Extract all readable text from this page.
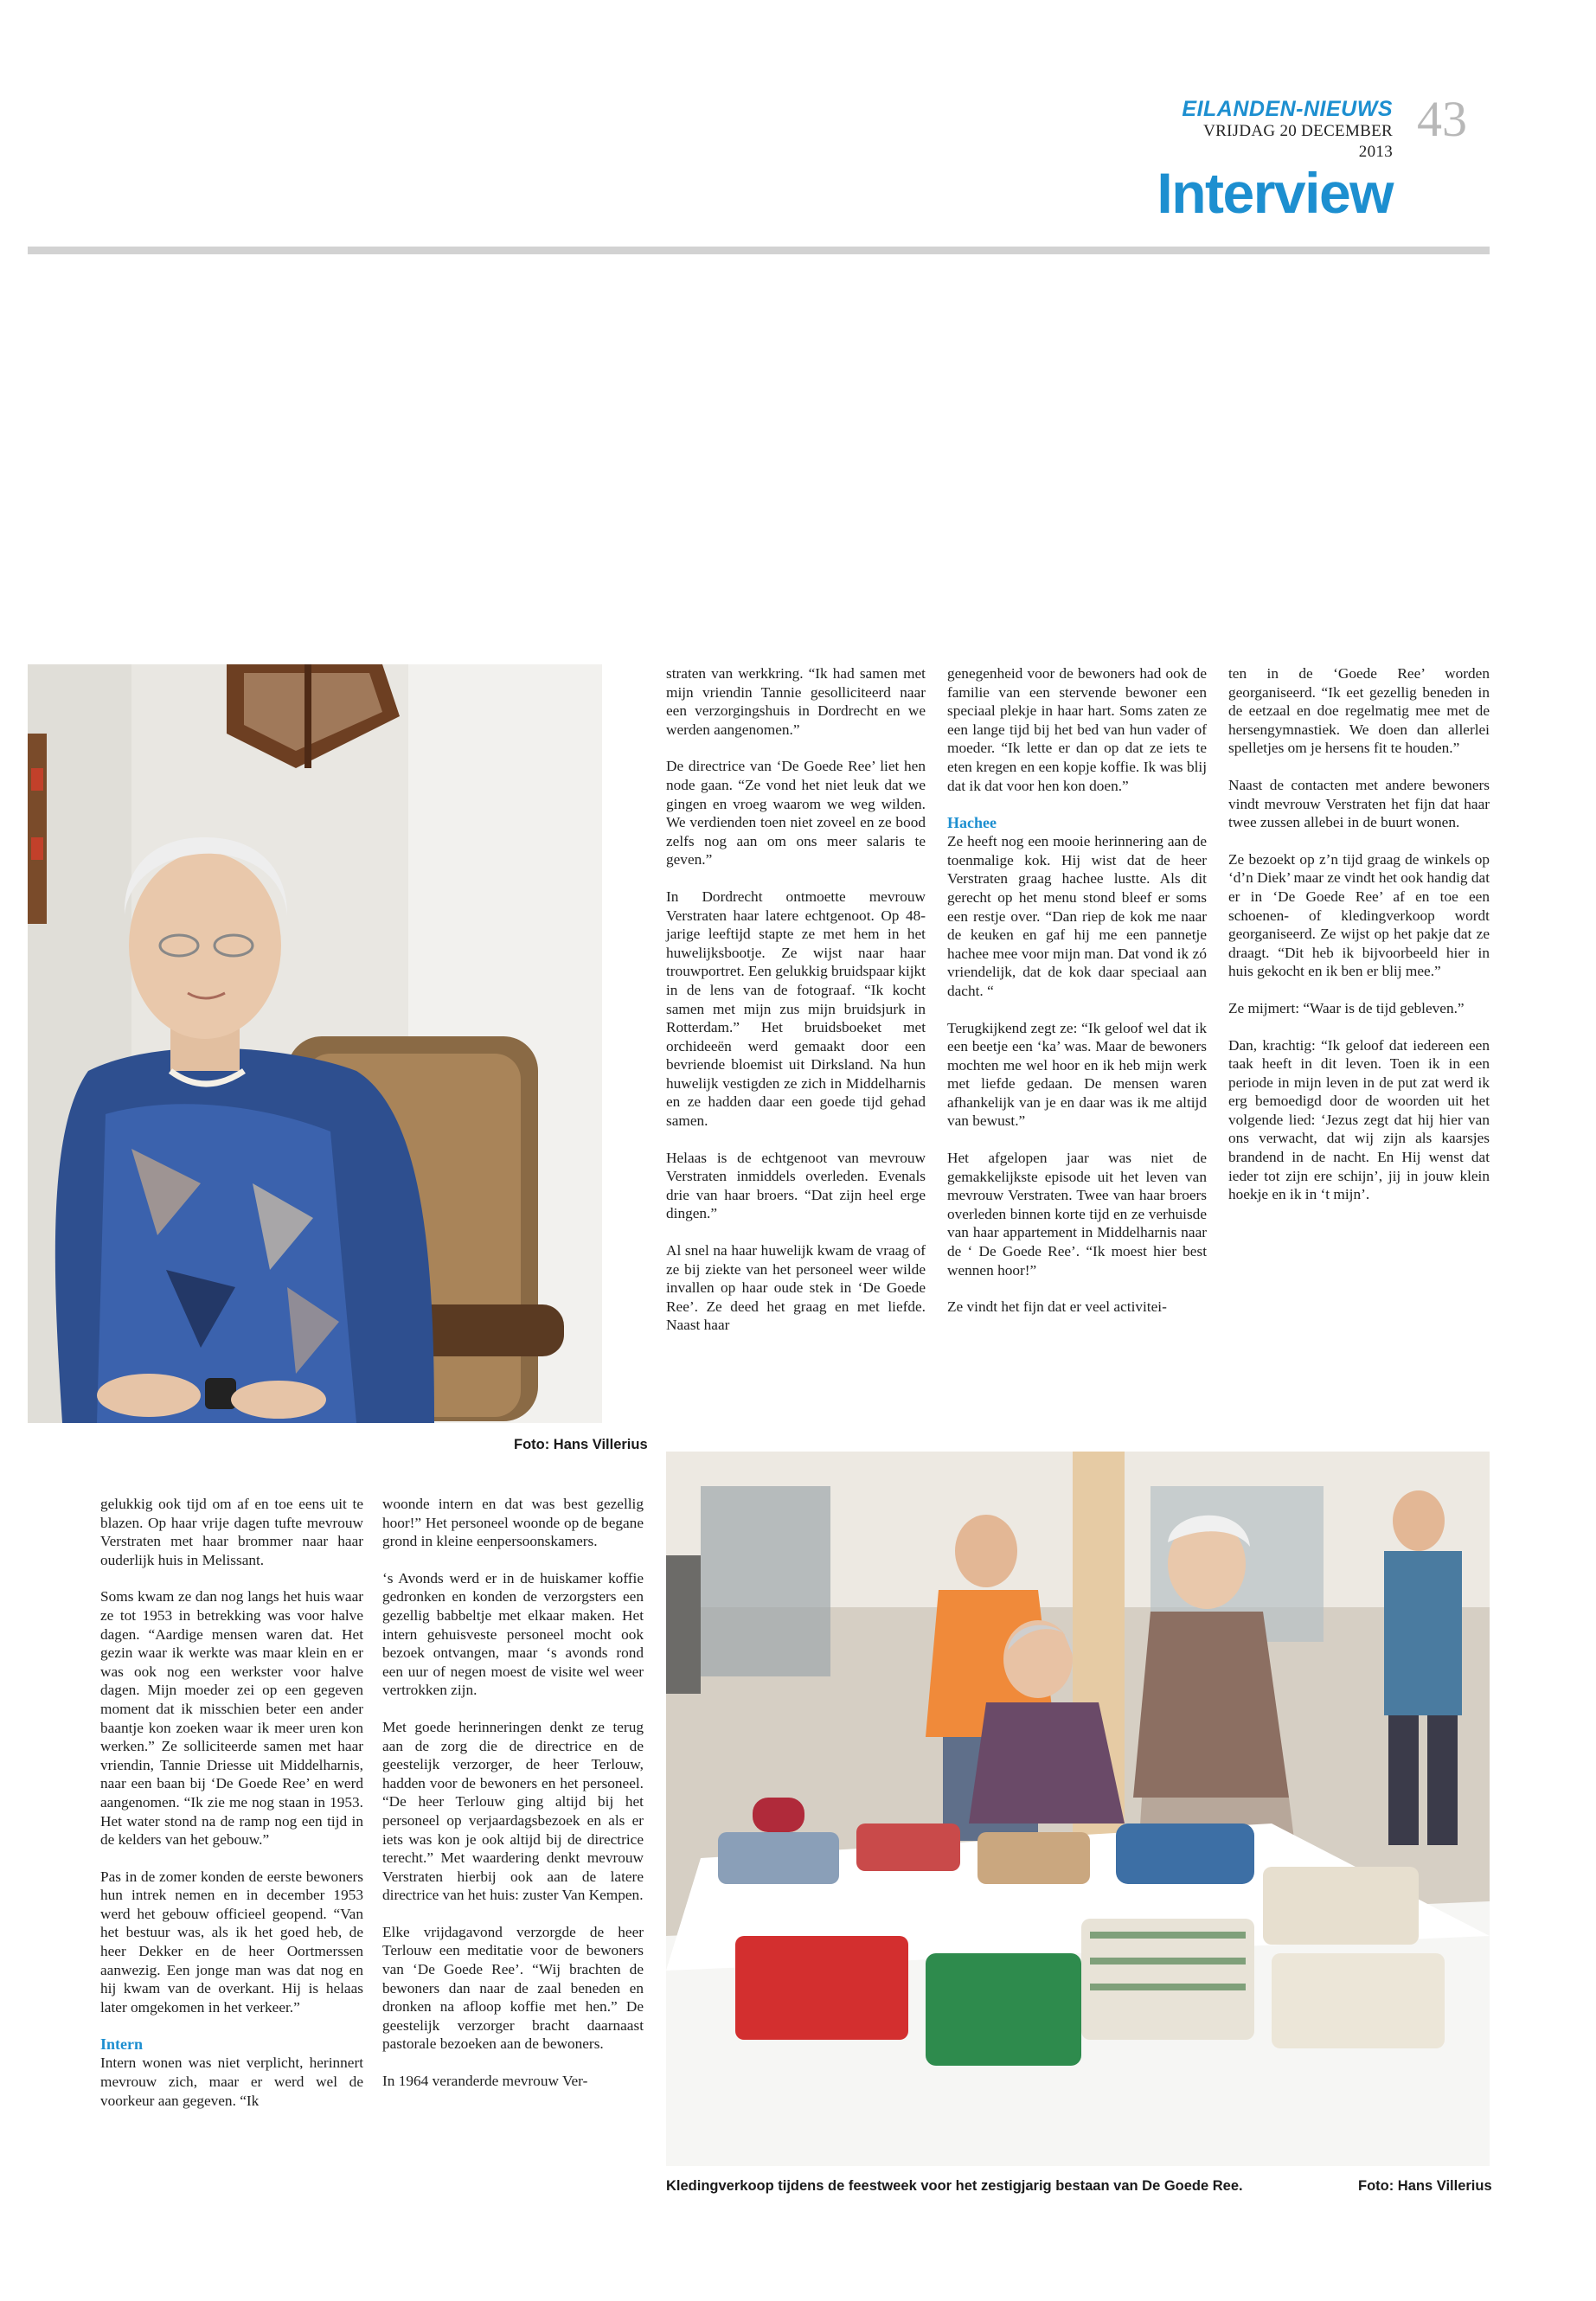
EILANDEN-NIEUWS
VRIJDAG 20 DECEMBER 2013
43
Interview
Foto: Hans Villerius
Kledingverkoop tijdens de feestweek voor het zestigjarig bestaan van De Goede Ree.	Foto: Hans Villerius

straten van werkkring. “Ik had samen met mijn vriendin Tannie gesolliciteerd naar een verzorgingshuis in Dordrecht en we werden aangenomen.”

De directrice van ‘De Goede Ree’ liet hen node gaan. “Ze vond het niet leuk dat we gingen en vroeg waarom we weg wilden. We verdienden toen niet zoveel en ze bood zelfs nog aan om ons meer salaris te geven.”

In Dordrecht ontmoette mevrouw Verstraten haar latere echtgenoot. Op 48-jarige leeftijd stapte ze met hem in het huwelijksbootje. Ze wijst naar haar trouwportret. Een gelukkig bruidspaar kijkt in de lens van de fotograaf. “Ik kocht samen met mijn zus mijn bruidsjurk in Rotterdam.” Het bruidsboeket met orchideeën werd gemaakt door een bevriende bloemist uit Dirksland. Na hun huwelijk vestigden ze zich in Middelharnis en ze hadden daar een goede tijd gehad samen.

Helaas is de echtgenoot van mevrouw Verstraten inmiddels overleden. Evenals drie van haar broers. “Dat zijn heel erge dingen.”

Al snel na haar huwelijk kwam de vraag of ze bij ziekte van het personeel weer wilde invallen op haar oude stek in ‘De Goede Ree’. Ze deed het graag en met liefde. Naast haar

genegenheid voor de bewoners had ook de familie van een stervende bewoner een speciaal plekje in haar hart. Soms zaten ze een lange tijd bij het bed van hun vader of moeder. “Ik lette er dan op dat ze iets te eten kregen en een kopje koffie. Ik was blij dat ik dat voor hen kon doen.”

Hachee

Ze heeft nog een mooie herinnering aan de toenmalige kok. Hij wist dat de heer Verstraten graag hachee lustte. Als dit gerecht op het menu stond bleef er soms een restje over. “Dan riep de kok me naar de keuken en gaf hij me een pannetje hachee mee voor mijn man. Dat vond ik zó vriendelijk, dat de kok daar speciaal aan dacht. “

Terugkijkend zegt ze: “Ik geloof wel dat ik een beetje een ‘ka’ was. Maar de bewoners mochten me wel hoor en ik heb mijn werk met liefde gedaan. De mensen waren afhankelijk van je en daar was ik me altijd van bewust.”

Het afgelopen jaar was niet de gemakkelijkste episode uit het leven van mevrouw Verstraten. Twee van haar broers overleden binnen korte tijd en ze verhuisde van haar appartement in Middelharnis naar de ‘ De Goede Ree’. “Ik moest hier best wennen hoor!”

Ze vindt het fijn dat er veel activitei-

ten in de ‘Goede Ree’ worden georganiseerd. “Ik eet gezellig beneden in de eetzaal en doe regelmatig mee met de hersengymnastiek. We doen dan allerlei spelletjes om je hersens fit te houden.”

Naast de contacten met andere bewoners vindt mevrouw Verstraten het fijn dat haar twee zussen allebei in de buurt wonen.

Ze bezoekt op z’n tijd graag de winkels op ‘d’n Diek’ maar ze vindt het ook handig dat er in ‘De Goede Ree’ af en toe een schoenen- of kledingverkoop wordt georganiseerd. Ze wijst op het pakje dat ze draagt. “Dit heb ik bijvoorbeeld hier in huis gekocht en ik ben er blij mee.”

Ze mijmert: “Waar is de tijd gebleven.”

Dan, krachtig: “Ik geloof dat iedereen een taak heeft in dit leven. Toen ik in een periode in mijn leven in de put zat werd ik erg bemoedigd door de woorden uit het volgende lied: ‘Jezus zegt dat hij hier van ons verwacht, dat wij zijn als kaarsjes brandend in de nacht. En Hij wenst dat ieder tot zijn ere schijn’, jij in jouw klein hoekje en ik in ‘t mijn’.

gelukkig ook tijd om af en toe eens uit te blazen. Op haar vrije dagen tufte mevrouw Verstraten met haar brommer naar haar ouderlijk huis in Melissant.

Soms kwam ze dan nog langs het huis waar ze tot 1953 in betrekking was voor halve dagen. “Aardige mensen waren dat. Het gezin waar ik werkte was maar klein en er was ook nog een werkster voor halve dagen. Mijn moeder zei op een gegeven moment dat ik misschien beter een ander baantje kon zoeken waar ik meer uren kon werken.” Ze solliciteerde samen met haar vriendin, Tannie Driesse uit Middelharnis, naar een baan bij ‘De Goede Ree’ en werd aangenomen. “Ik zie me nog staan in 1953. Het water stond na de ramp nog een tijd in de kelders van het gebouw.”

Pas in de zomer konden de eerste bewoners hun intrek nemen en in december 1953 werd het gebouw officieel geopend. “Van het bestuur was, als ik het goed heb, de heer Dekker en de heer Oortmerssen aanwezig. Een jonge man was dat nog en hij kwam van de overkant. Hij is helaas later omgekomen in het verkeer.”

Intern

Intern wonen was niet verplicht, herinnert mevrouw zich, maar er werd wel de voorkeur aan gegeven. “Ik

woonde intern en dat was best gezellig hoor!” Het personeel woonde op de begane grond in kleine eenpersoonskamers.

‘s Avonds werd er in de huiskamer koffie gedronken en konden de verzorgsters een gezellig babbeltje met elkaar maken. Het intern gehuisveste personeel mocht ook bezoek ontvangen, maar ‘s avonds rond een uur of negen moest de visite wel weer vertrokken zijn.

Met goede herinneringen denkt ze terug aan de zorg die de directrice en de geestelijk verzorger, de heer Terlouw, hadden voor de bewoners en het personeel. “De heer Terlouw ging altijd bij het personeel op verjaardagsbezoek en als er iets was kon je ook altijd bij de directrice terecht.” Met waardering denkt mevrouw Verstraten hierbij ook aan de latere directrice van het huis: zuster Van Kempen.

Elke vrijdagavond verzorgde de heer Terlouw een meditatie voor de bewoners van ‘De Goede Ree’. “Wij brachten de bewoners dan naar de zaal beneden en dronken na afloop koffie met hen.” De geestelijk verzorger bracht daarnaast pastorale bezoeken aan de bewoners.

In 1964 veranderde mevrouw Ver-
